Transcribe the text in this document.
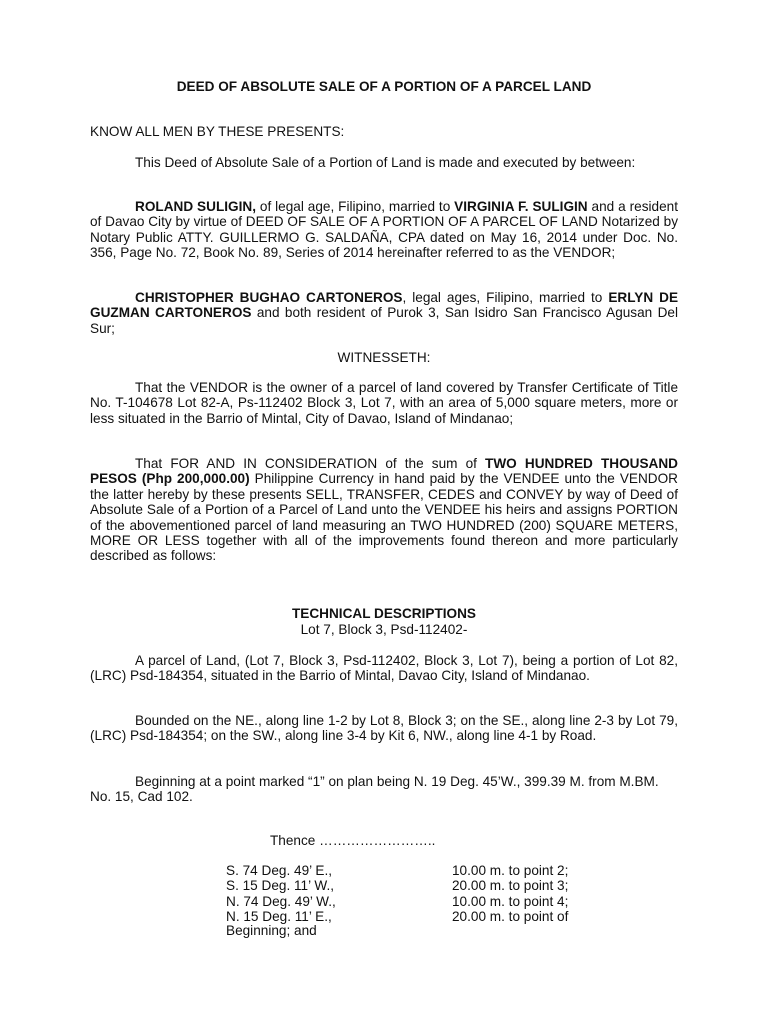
DEED OF ABSOLUTE SALE OF A PORTION OF A PARCEL LAND
KNOW ALL MEN BY THESE PRESENTS:

This Deed of Absolute Sale of a Portion of Land is made and executed by between:

ROLAND SULIGIN, of legal age, Filipino, married to VIRGINIA F. SULIGIN and a resident of Davao City by virtue of DEED OF SALE OF A PORTION OF A PARCEL OF LAND Notarized by Notary Public ATTY. GUILLERMO G. SALDAÑA, CPA dated on May 16, 2014 under Doc. No. 356, Page No. 72, Book No. 89, Series of 2014 hereinafter referred to as the VENDOR;

CHRISTOPHER BUGHAO CARTONEROS, legal ages, Filipino, married to ERLYN DE GUZMAN CARTONEROS and both resident of Purok 3, San Isidro San Francisco Agusan Del Sur;

WITNESSETH:

That the VENDOR is the owner of a parcel of land covered by Transfer Certificate of Title No. T-104678 Lot 82-A, Ps-112402 Block 3, Lot 7, with an area of 5,000 square meters, more or less situated in the Barrio of Mintal, City of Davao, Island of Mindanao;

That FOR AND IN CONSIDERATION of the sum of TWO HUNDRED THOUSAND PESOS (Php 200,000.00) Philippine Currency in hand paid by the VENDEE unto the VENDOR the latter hereby by these presents SELL, TRANSFER, CEDES and CONVEY by way of Deed of Absolute Sale of a Portion of a Parcel of Land unto the VENDEE his heirs and assigns PORTION of the abovementioned parcel of land measuring an TWO HUNDRED (200) SQUARE METERS, MORE OR LESS together with all of the improvements found thereon and more particularly described as follows:

TECHNICAL DESCRIPTIONS
Lot 7, Block 3, Psd-112402-

A parcel of Land, (Lot 7, Block 3, Psd-112402, Block 3, Lot 7), being a portion of Lot 82, (LRC) Psd-184354, situated in the Barrio of Mintal, Davao City, Island of Mindanao.

Bounded on the NE., along line 1-2 by Lot 8, Block 3; on the SE., along line 2-3 by Lot 79, (LRC) Psd-184354; on the SW., along line 3-4 by Kit 6, NW., along line 4-1 by Road.

Beginning at a point marked “1” on plan being N. 19 Deg. 45’W., 399.39 M. from M.BM. No. 15, Cad 102.

Thence ……………………..
S. 74 Deg. 49’ E.,	10.00 m. to point 2;
S. 15 Deg. 11’ W.,	20.00 m. to point 3;
N. 74 Deg. 49’ W.,	10.00 m. to point 4;
N. 15 Deg. 11’ E.,	20.00 m. to point of
Beginning; and
